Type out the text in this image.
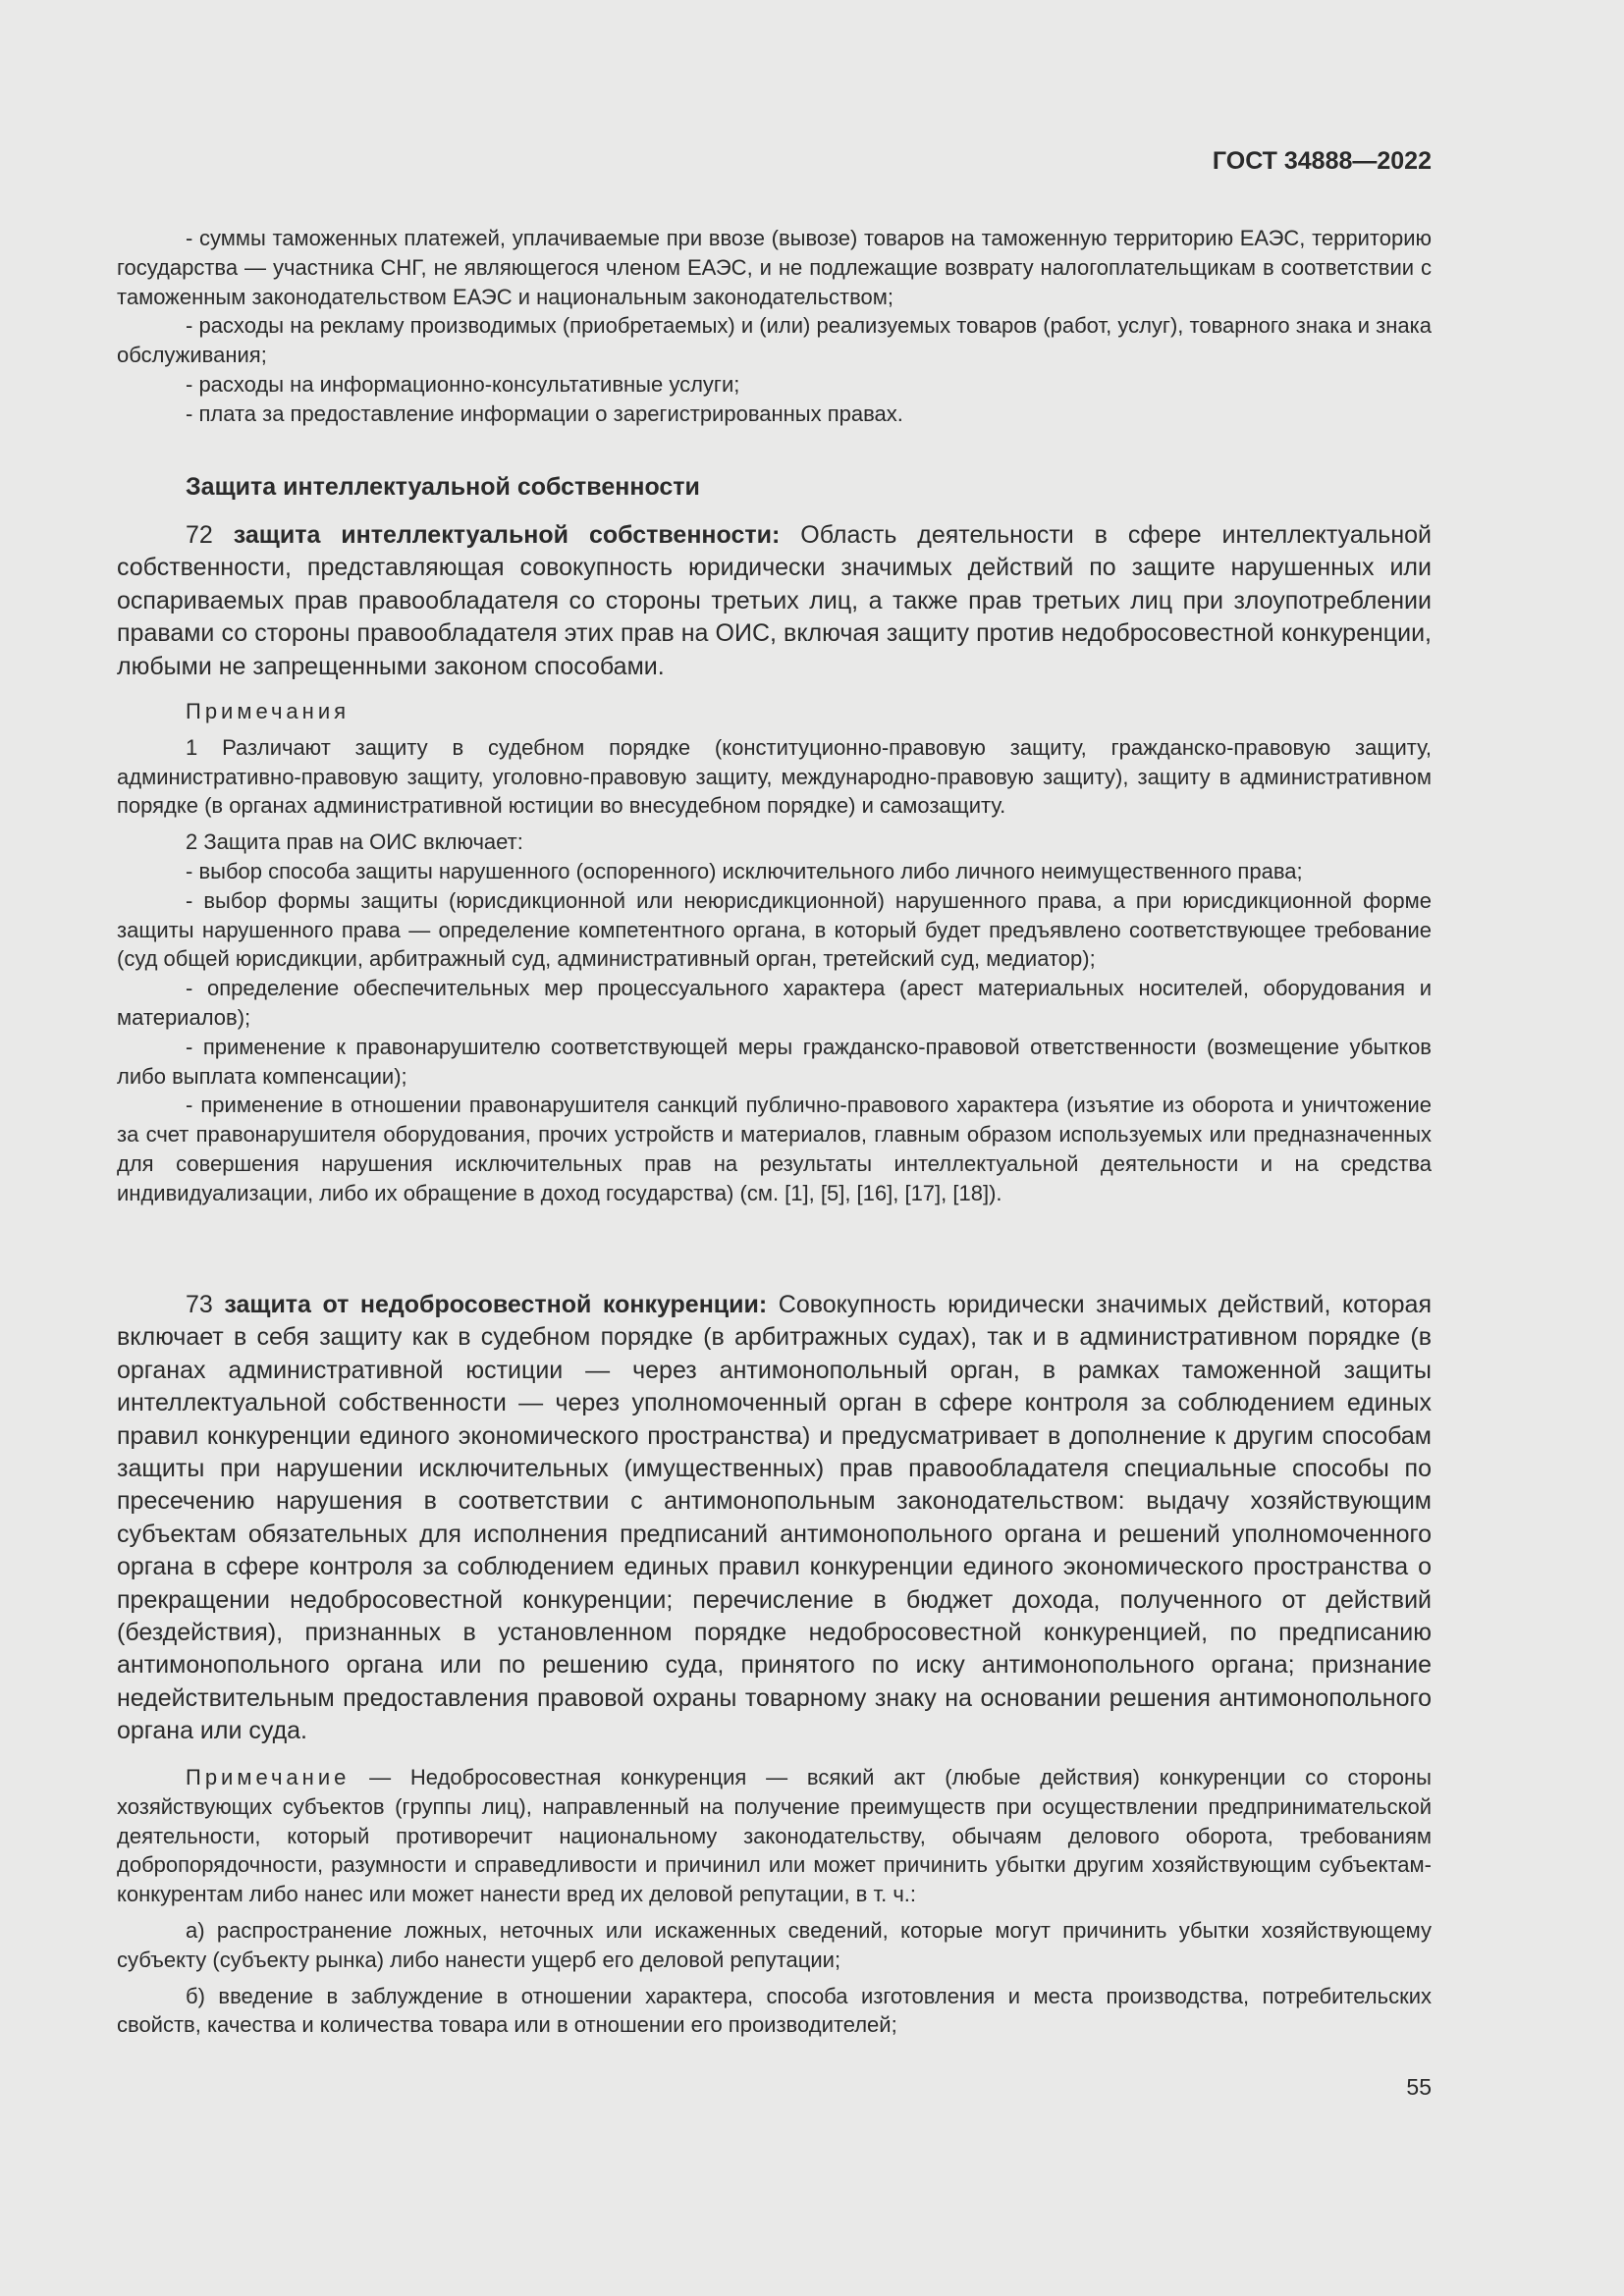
ГОСТ 34888—2022

- суммы таможенных платежей, уплачиваемые при ввозе (вывозе) товаров на таможенную территорию ЕАЭС, территорию государства — участника СНГ, не являющегося членом ЕАЭС, и не подлежащие возврату налогоплательщикам в соответствии с таможенным законодательством ЕАЭС и национальным законодательством;

- расходы на рекламу производимых (приобретаемых) и (или) реализуемых товаров (работ, услуг), товарного знака и знака обслуживания;

- расходы на информационно-консультативные услуги;

- плата за предоставление информации о зарегистрированных правах.

Защита интеллектуальной собственности

72 защита интеллектуальной собственности: Область деятельности в сфере интеллектуальной собственности, представляющая совокупность юридически значимых действий по защите нарушенных или оспариваемых прав правообладателя со стороны третьих лиц, а также прав третьих лиц при злоупотреблении правами со стороны правообладателя этих прав на ОИС, включая защиту против недобросовестной конкуренции, любыми не запрещенными законом способами.

Примечания

1 Различают защиту в судебном порядке (конституционно-правовую защиту, гражданско-правовую защиту, административно-правовую защиту, уголовно-правовую защиту, международно-правовую защиту), защиту в административном порядке (в органах административной юстиции во внесудебном порядке) и самозащиту.

2 Защита прав на ОИС включает:

- выбор способа защиты нарушенного (оспоренного) исключительного либо личного неимущественного права;

- выбор формы защиты (юрисдикционной или неюрисдикционной) нарушенного права, а при юрисдикционной форме защиты нарушенного права — определение компетентного органа, в который будет предъявлено соответствующее требование (суд общей юрисдикции, арбитражный суд, административный орган, третейский суд, медиатор);

- определение обеспечительных мер процессуального характера (арест материальных носителей, оборудования и материалов);

- применение к правонарушителю соответствующей меры гражданско-правовой ответственности (возмещение убытков либо выплата компенсации);

- применение в отношении правонарушителя санкций публично-правового характера (изъятие из оборота и уничтожение за счет правонарушителя оборудования, прочих устройств и материалов, главным образом используемых или предназначенных для совершения нарушения исключительных прав на результаты интеллектуальной деятельности и на средства индивидуализации, либо их обращение в доход государства) (см. [1], [5], [16], [17], [18]).

73 защита от недобросовестной конкуренции: Совокупность юридически значимых действий, которая включает в себя защиту как в судебном порядке (в арбитражных судах), так и в административном порядке (в органах административной юстиции — через антимонопольный орган, в рамках таможенной защиты интеллектуальной собственности — через уполномоченный орган в сфере контроля за соблюдением единых правил конкуренции единого экономического пространства) и предусматривает в дополнение к другим способам защиты при нарушении исключительных (имущественных) прав правообладателя специальные способы по пресечению нарушения в соответствии с антимонопольным законодательством: выдачу хозяйствующим субъектам обязательных для исполнения предписаний антимонопольного органа и решений уполномоченного органа в сфере контроля за соблюдением единых правил конкуренции единого экономического пространства о прекращении недобросовестной конкуренции; перечисление в бюджет дохода, полученного от действий (бездействия), признанных в установленном порядке недобросовестной конкуренцией, по предписанию антимонопольного органа или по решению суда, принятого по иску антимонопольного органа; признание недействительным предоставления правовой охраны товарному знаку на основании решения антимонопольного органа или суда.

Примечание — Недобросовестная конкуренция — всякий акт (любые действия) конкуренции со стороны хозяйствующих субъектов (группы лиц), направленный на получение преимуществ при осуществлении предпринимательской деятельности, который противоречит национальному законодательству, обычаям делового оборота, требованиям добропорядочности, разумности и справедливости и причинил или может причинить убытки другим хозяйствующим субъектам-конкурентам либо нанес или может нанести вред их деловой репутации, в т. ч.:

а) распространение ложных, неточных или искаженных сведений, которые могут причинить убытки хозяйствующему субъекту (субъекту рынка) либо нанести ущерб его деловой репутации;

б) введение в заблуждение в отношении характера, способа изготовления и места производства, потребительских свойств, качества и количества товара или в отношении его производителей;

55
